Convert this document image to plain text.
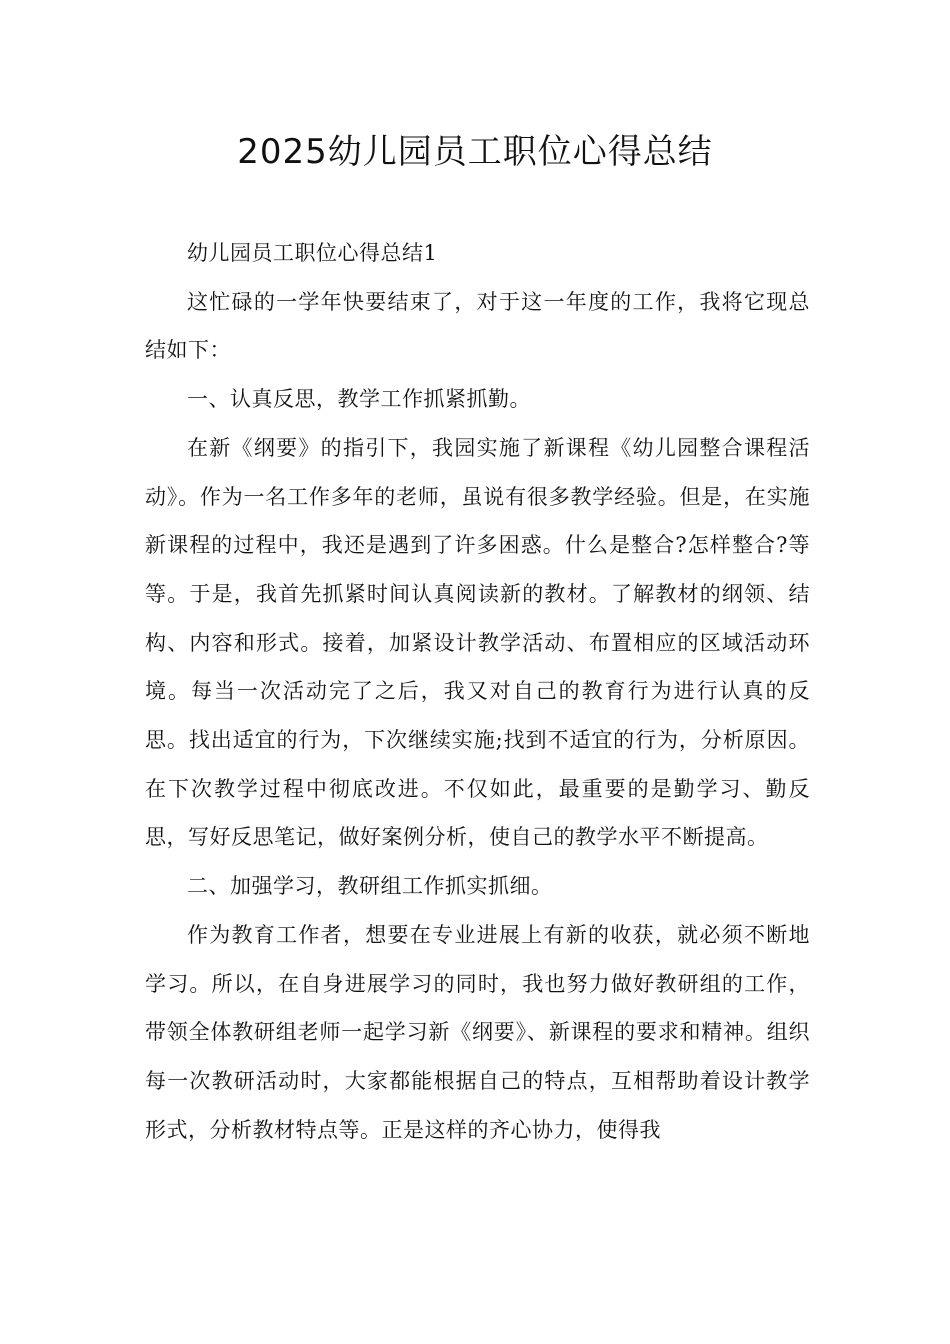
2025幼儿园员工职位心得总结

幼儿园员工职位心得总结1

这忙碌的一学年快要结束了，对于这一年度的工作，我将它现总结如下：

一、认真反思，教学工作抓紧抓勤。

在新《纲要》的指引下，我园实施了新课程《幼儿园整合课程活动》。作为一名工作多年的老师，虽说有很多教学经验。但是，在实施新课程的过程中，我还是遇到了许多困惑。什么是整合?怎样整合?等等。于是，我首先抓紧时间认真阅读新的教材。了解教材的纲领、结构、内容和形式。接着，加紧设计教学活动、布置相应的区域活动环境。每当一次活动完了之后，我又对自己的教育行为进行认真的反思。找出适宜的行为，下次继续实施;找到不适宜的行为，分析原因。在下次教学过程中彻底改进。不仅如此，最重要的是勤学习、勤反思，写好反思笔记，做好案例分析，使自己的教学水平不断提高。

二、加强学习，教研组工作抓实抓细。

作为教育工作者，想要在专业进展上有新的收获，就必须不断地学习。所以，在自身进展学习的同时，我也努力做好教研组的工作，带领全体教研组老师一起学习新《纲要》、新课程的要求和精神。组织每一次教研活动时，大家都能根据自己的特点，互相帮助着设计教学形式，分析教材特点等。正是这样的齐心协力，使得我
